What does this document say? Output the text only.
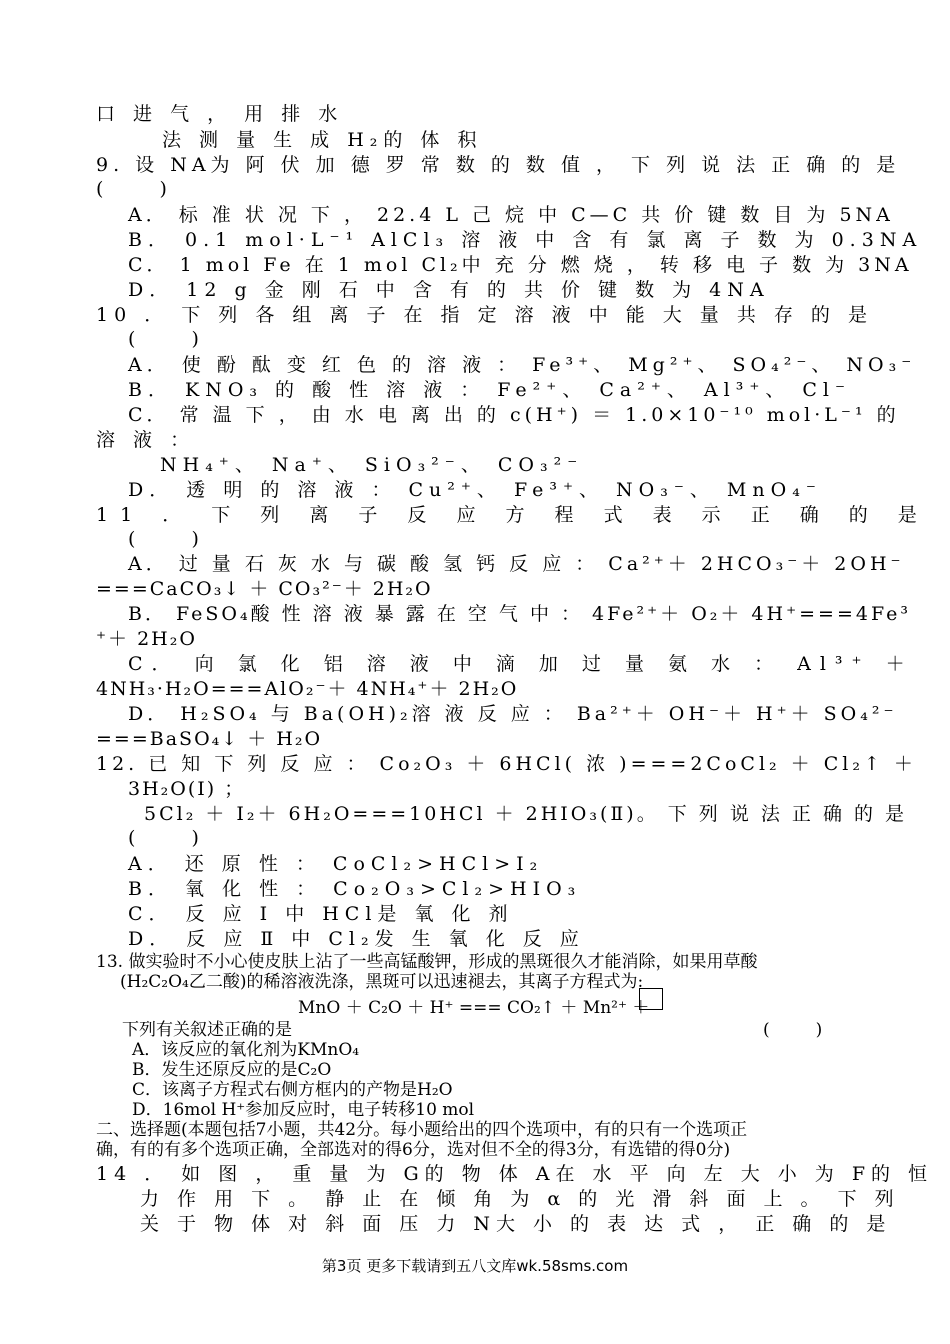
口 进 气 ， 用 排 水
法 测 量 生 成 H₂的 体 积
9. 设 NA为 阿 伏 加 德 罗 常 数 的 数 值 ， 下 列 说 法 正 确 的 是
( 　　)
A． 标 准 状 况 下 ， 22.4 L 己 烷 中 C—C 共 价 键 数 目 为 5NA
B． 0.1 mol·L⁻¹ AlCl₃ 溶 液 中 含 有 氯 离 子 数 为 0.3NA
C． 1 mol Fe 在 1 mol Cl₂中 充 分 燃 烧 ， 转 移 电 子 数 为 3NA
D． 12 g 金 刚 石 中 含 有 的 共 价 键 数 为 4NA
10 ． 下 列 各 组 离 子 在 指 定 溶 液 中 能 大 量 共 存 的 是
( 　　)
A． 使 酚 酞 变 红 色 的 溶 液 ： Fe³⁺、 Mg²⁺、 SO₄²⁻、 NO₃⁻
B． KNO₃ 的 酸 性 溶 液 ： Fe²⁺、 Ca²⁺、 Al³⁺、 Cl⁻
C． 常 温 下 ， 由 水 电 离 出 的 c(H⁺) ＝ 1.0×10⁻¹⁰ mol·L⁻¹ 的
溶 液 ：
NH₄⁺、 Na⁺、 SiO₃²⁻、 CO₃²⁻
D． 透 明 的 溶 液 ： Cu²⁺、 Fe³⁺、 NO₃⁻、 MnO₄⁻
11 ． 下 列 离 子 反 应 方 程 式 表 示 正 确 的 是
( 　　)
A． 过 量 石 灰 水 与 碳 酸 氢 钙 反 应 ： Ca²⁺＋ 2HCO₃⁻＋ 2OH⁻
===CaCO₃↓ ＋ CO₃²⁻＋ 2H₂O
B． FeSO₄酸 性 溶 液 暴 露 在 空 气 中 ： 4Fe²⁺＋ O₂＋ 4H⁺===4Fe³
⁺＋ 2H₂O
C． 向 氯 化 铝 溶 液 中 滴 加 过 量 氨 水 ： Al³⁺ ＋
4NH₃·H₂O===AlO₂⁻＋ 4NH₄⁺＋ 2H₂O
D． H₂SO₄ 与 Ba(OH)₂溶 液 反 应 ： Ba²⁺＋ OH⁻＋ H⁺＋ SO₄²⁻
===BaSO₄↓ ＋ H₂O
12. 已 知 下 列 反 应 ： Co₂O₃ ＋ 6HCl( 浓 )===2CoCl₂ ＋ Cl₂↑ ＋
3H₂O(Ⅰ) ；
5Cl₂ ＋ I₂＋ 6H₂O===10HCl ＋ 2HIO₃(Ⅱ)。 下 列 说 法 正 确 的 是
( 　　)
A． 还 原 性 ： CoCl₂>HCl>I₂
B． 氧 化 性 ： Co₂O₃>Cl₂>HIO₃
C． 反 应 Ⅰ 中 HCl是 氧 化 剂
D． 反 应 Ⅱ 中 Cl₂发 生 氧 化 反 应
13. 做实验时不小心使皮肤上沾了一些高锰酸钾，形成的黑斑很久才能消除，如果用草酸
(H₂C₂O₄乙二酸)的稀溶液洗涤，黑斑可以迅速褪去，其离子方程式为:
MnO ＋ C₂O ＋ H⁺ === CO₂↑ ＋ Mn²⁺ ＋
下列有关叙述正确的是	(　　)
A．该反应的氧化剂为KMnO₄
B．发生还原反应的是C₂O
C．该离子方程式右侧方框内的产物是H₂O
D．16mol H⁺参加反应时，电子转移10 mol
二、选择题(本题包括7小题，共42分。每小题给出的四个选项中，有的只有一个选项正
确，有的有多个选项正确，全部选对的得6分，选对但不全的得3分，有选错的得0分)
14 ． 如 图 ， 重 量 为 G的 物 体 A在 水 平 向 左 大 小 为 F的 恒
力 作 用 下 。 静 止 在 倾 角 为 α 的 光 滑 斜 面 上 。 下 列
关 于 物 体 对 斜 面 压 力 N大 小 的 表 达 式 ， 正 确 的 是
第3页 更多下载请到五八文库wk.58sms.com
